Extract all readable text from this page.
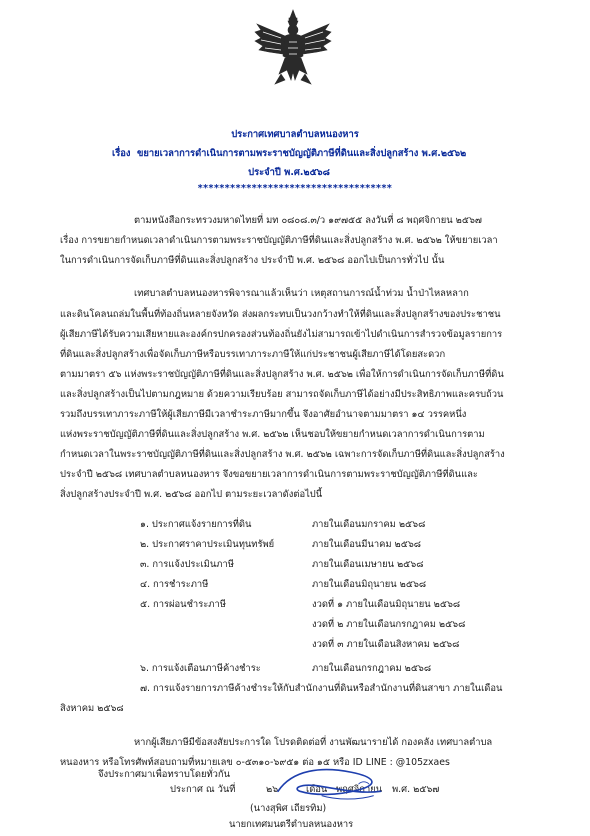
ประกาศเทศบาลตำบลหนองหาร
เรื่อง ขยายเวลาการดำเนินการตามพระราชบัญญัติภาษีที่ดินและสิ่งปลูกสร้าง พ.ศ.๒๕๖๒
ประจำปี พ.ศ.๒๕๖๘
************************************
ตามหนังสือกระทรวงมหาดไทยที่ มท ๐๘๐๘.๓/ว ๑๙๗๕๕ ลงวันที่ ๘ พฤศจิกายน ๒๕๖๗
เรื่อง การขยายกำหนดเวลาดำเนินการตามพระราชบัญญัติภาษีที่ดินและสิ่งปลูกสร้าง พ.ศ. ๒๕๖๒ ให้ขยายเวลา
ในการดำเนินการจัดเก็บภาษีที่ดินและสิ่งปลูกสร้าง ประจำปี พ.ศ. ๒๕๖๘ ออกไปเป็นการทั่วไป นั้น
เทศบาลตำบลหนองหารพิจารณาแล้วเห็นว่า เหตุสถานการณ์น้ำท่วม น้ำป่าไหลหลาก
และดินโคลนถล่มในพื้นที่ท้องถิ่นหลายจังหวัด ส่งผลกระทบเป็นวงกว้างทำให้ที่ดินและสิ่งปลูกสร้างของประชาชน
ผู้เสียภาษีได้รับความเสียหายและองค์กรปกครองส่วนท้องถิ่นยังไม่สามารถเข้าไปดำเนินการสำรวจข้อมูลรายการ
ที่ดินและสิ่งปลูกสร้างเพื่อจัดเก็บภาษีหรือบรรเทาภาระภาษีให้แก่ประชาชนผู้เสียภาษีได้โดยสะดวก
ตามมาตรา ๕๖ แห่งพระราชบัญญัติภาษีที่ดินและสิ่งปลูกสร้าง พ.ศ. ๒๕๖๒ เพื่อให้การดำเนินการจัดเก็บภาษีที่ดิน
และสิ่งปลูกสร้างเป็นไปตามกฎหมาย ด้วยความเรียบร้อย สามารถจัดเก็บภาษีได้อย่างมีประสิทธิภาพและครบถ้วน
รวมถึงบรรเทาภาระภาษีให้ผู้เสียภาษีมีเวลาชำระภาษีมากขึ้น จึงอาศัยอำนาจตามมาตรา ๑๔ วรรคหนึ่ง
แห่งพระราชบัญญัติภาษีที่ดินและสิ่งปลูกสร้าง พ.ศ. ๒๕๖๒ เห็นชอบให้ขยายกำหนดเวลาการดำเนินการตาม
กำหนดเวลาในพระราชบัญญัติภาษีที่ดินและสิ่งปลูกสร้าง พ.ศ. ๒๕๖๒ เฉพาะการจัดเก็บภาษีที่ดินและสิ่งปลูกสร้าง
ประจำปี ๒๕๖๘ เทศบาลตำบลหนองหาร จึงขอขยายเวลาการดำเนินการตามพระราชบัญญัติภาษีที่ดินและ
สิ่งปลูกสร้างประจำปี พ.ศ. ๒๕๖๘ ออกไป ตามระยะเวลาดังต่อไปนี้
๑. ประกาศแจ้งรายการที่ดิน	ภายในเดือนมกราคม ๒๕๖๘
๒. ประกาศราคาประเมินทุนทรัพย์	ภายในเดือนมีนาคม ๒๕๖๘
๓. การแจ้งประเมินภาษี	ภายในเดือนเมษายน ๒๕๖๘
๔. การชำระภาษี	ภายในเดือนมิถุนายน ๒๕๖๘
๕. การผ่อนชำระภาษี	งวดที่ ๑ ภายในเดือนมิถุนายน ๒๕๖๘
งวดที่ ๒ ภายในเดือนกรกฎาคม ๒๕๖๘
งวดที่ ๓ ภายในเดือนสิงหาคม ๒๕๖๘
๖. การแจ้งเตือนภาษีค้างชำระ	ภายในเดือนกรกฎาคม ๒๕๖๘
๗. การแจ้งรายการภาษีค้างชำระให้กับสำนักงานที่ดินหรือสำนักงานที่ดินสาขา ภายในเดือน
สิงหาคม ๒๕๖๘
หากผู้เสียภาษีมีข้อสงสัยประการใด โปรดติดต่อที่ งานพัฒนารายได้ กองคลัง เทศบาลตำบล
หนองหาร หรือโทรศัพท์สอบถามที่หมายเลข ๐-๕๓๑๐-๖๙๕๑ ต่อ ๑๕ หรือ ID LINE : @105zxaes
จึงประกาศมาเพื่อทราบโดยทั่วกัน
ประกาศ ณ วันที่	๒๖	เดือน พฤศจิกายน พ.ศ. ๒๕๖๗
(นางสุพิศ เถียรทิม)
นายกเทศมนตรีตำบลหนองหาร
